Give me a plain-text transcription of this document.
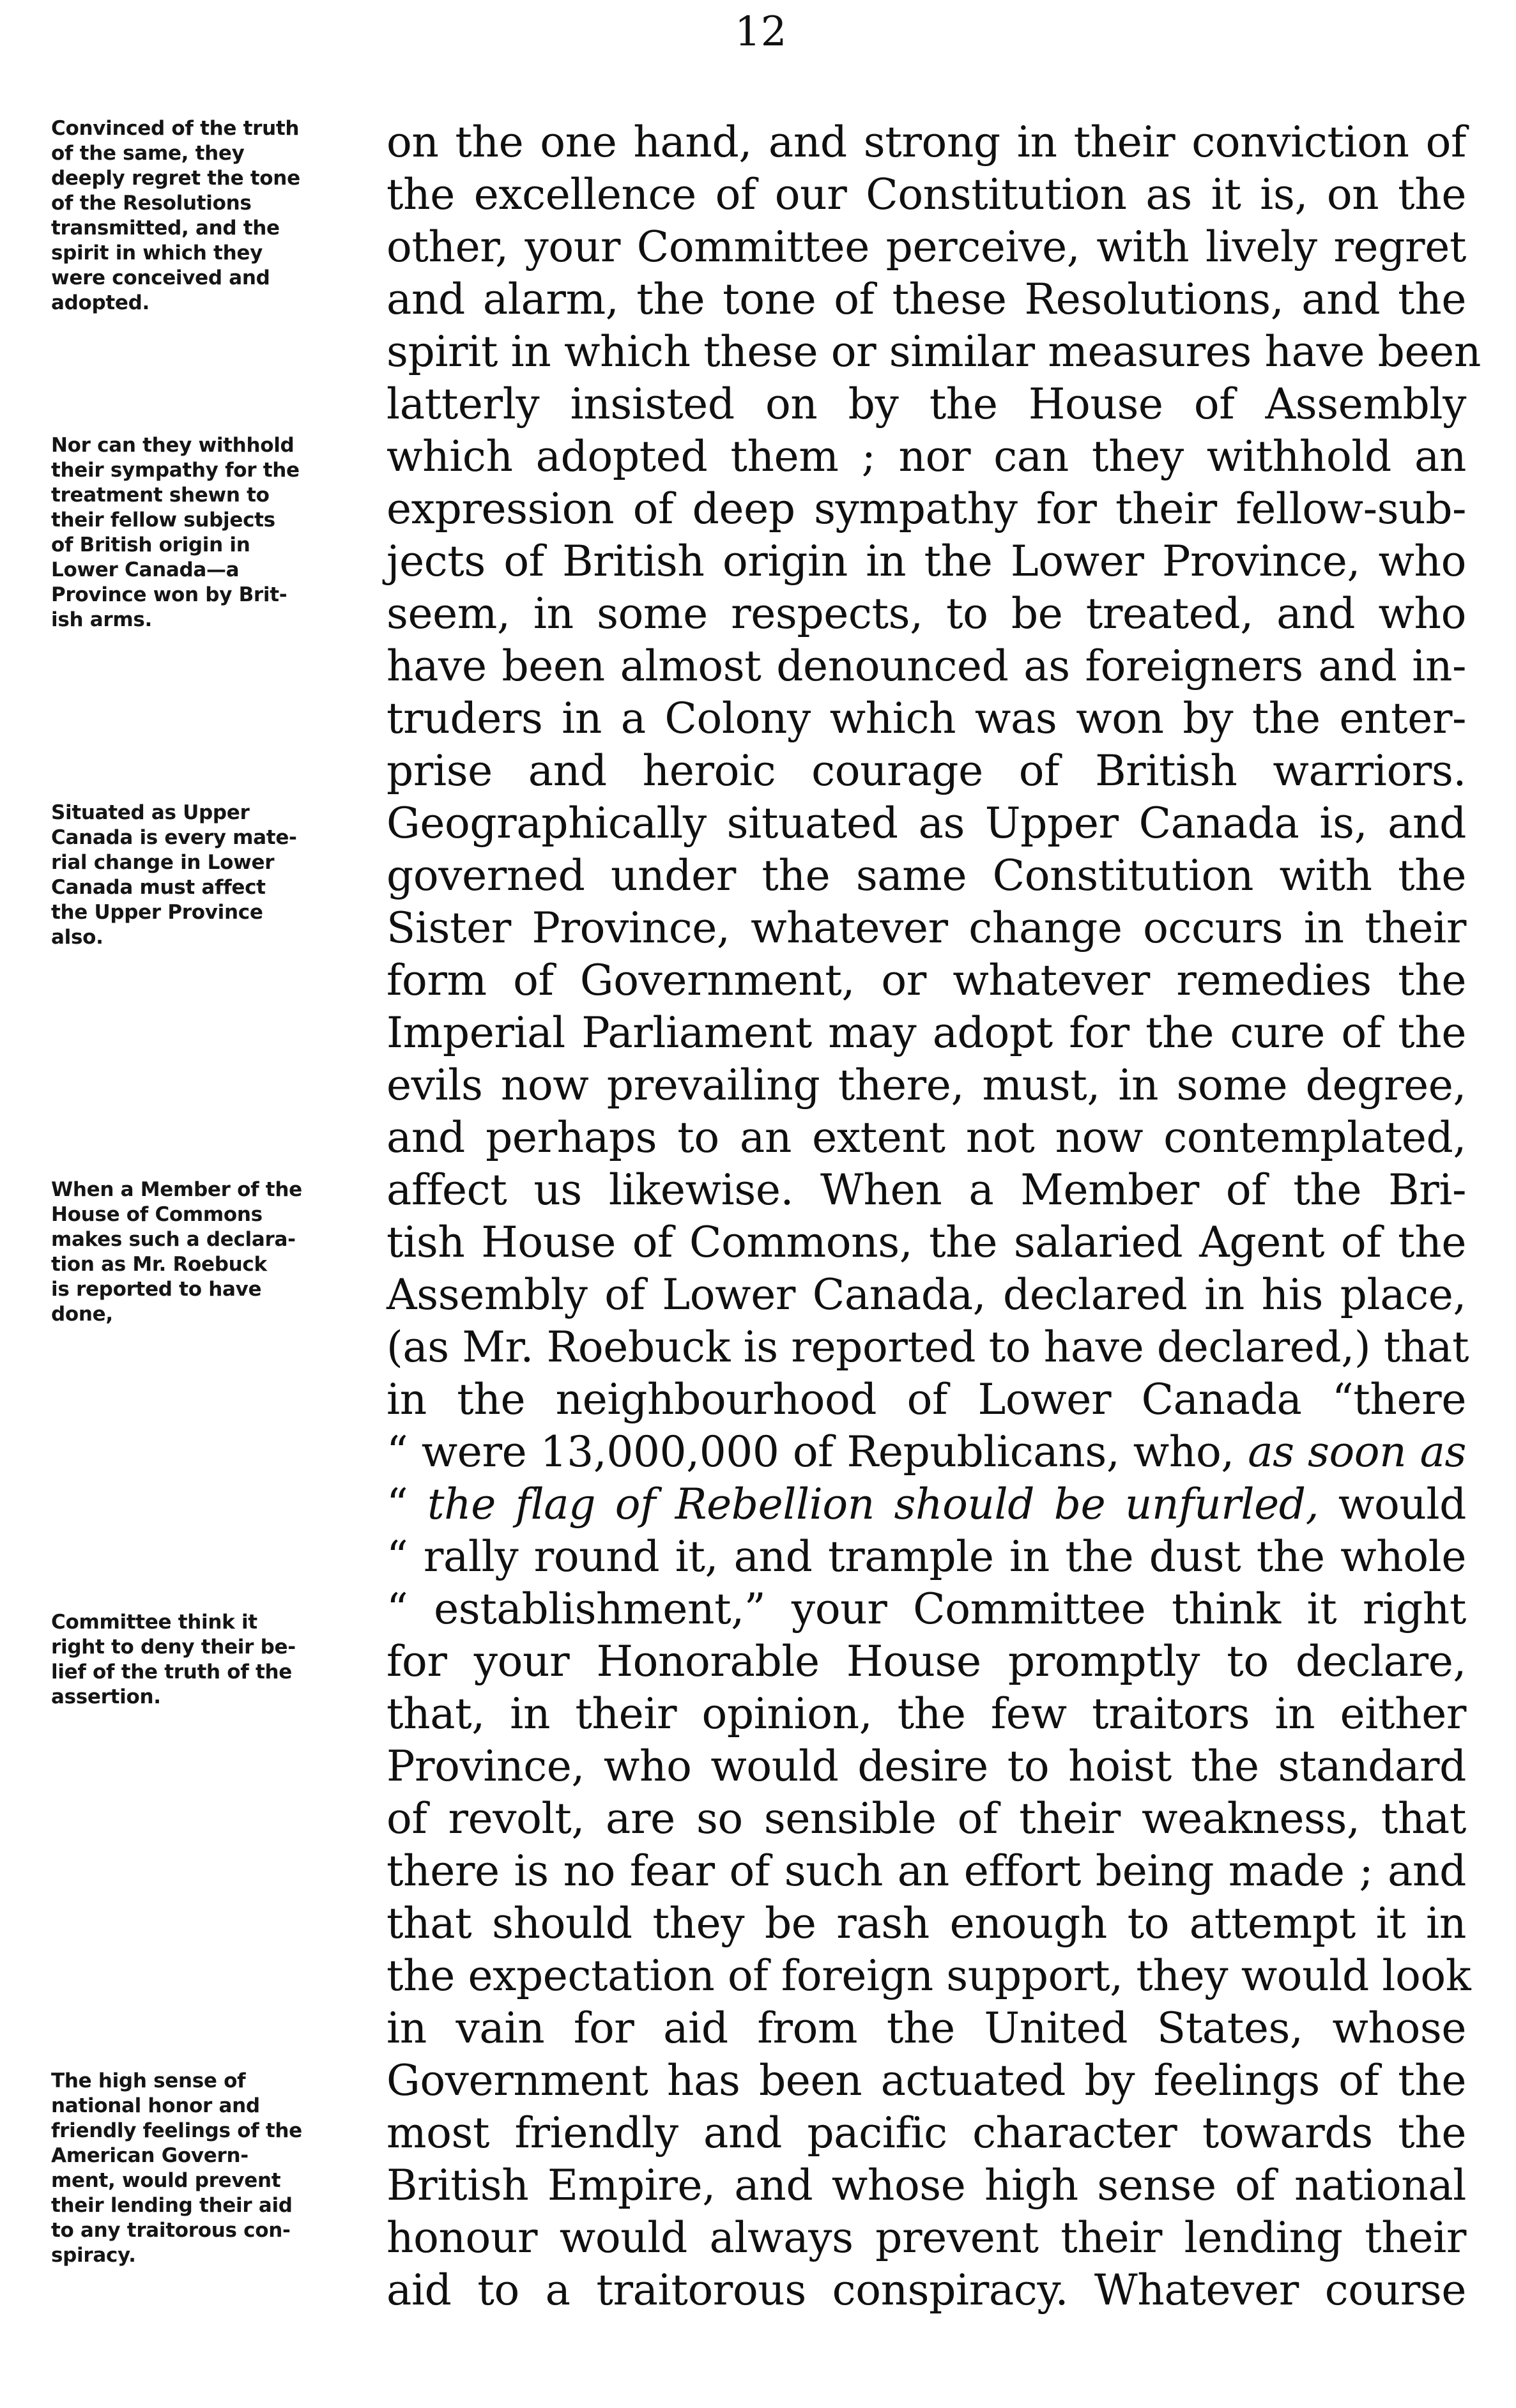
12
Convinced of the truth
of the same, they
deeply regret the tone
of the Resolutions
transmitted, and the
spirit in which they
were conceived and
adopted.
Nor can they withhold
their sympathy for the
treatment shewn to
their fellow subjects
of British origin in
Lower Canada—a
Province won by Brit-
ish arms.
Situated as Upper
Canada is every mate-
rial change in Lower
Canada must affect
the Upper Province
also.
When a Member of the
House of Commons
makes such a declara-
tion as Mr. Roebuck
is reported to have
done,
Committee think it
right to deny their be-
lief of the truth of the
assertion.
The high sense of
national honor and
friendly feelings of the
American Govern-
ment, would prevent
their lending their aid
to any traitorous con-
spiracy.
on the one hand, and strong in their conviction of
the excellence of our Constitution as it is, on the
other, your Committee perceive, with lively regret
and alarm, the tone of these Resolutions, and the
spirit in which these or similar measures have been
latterly insisted on by the House of Assembly
which adopted them ; nor can they withhold an
expression of deep sympathy for their fellow-sub-
jects of British origin in the Lower Province, who
seem, in some respects, to be treated, and who
have been almost denounced as foreigners and in-
truders in a Colony which was won by the enter-
prise and heroic courage of British warriors.
Geographically situated as Upper Canada is, and
governed under the same Constitution with the
Sister Province, whatever change occurs in their
form of Government, or whatever remedies the
Imperial Parliament may adopt for the cure of the
evils now prevailing there, must, in some degree,
and perhaps to an extent not now contemplated,
affect us likewise. When a Member of the Bri-
tish House of Commons, the salaried Agent of the
Assembly of Lower Canada, declared in his place,
(as Mr. Roebuck is reported to have declared,) that
in the neighbourhood of Lower Canada “there
“ were 13,000,000 of Republicans, who, as soon as
“ the flag of Rebellion should be unfurled, would
“ rally round it, and trample in the dust the whole
“ establishment,” your Committee think it right
for your Honorable House promptly to declare,
that, in their opinion, the few traitors in either
Province, who would desire to hoist the standard
of revolt, are so sensible of their weakness, that
there is no fear of such an effort being made ; and
that should they be rash enough to attempt it in
the expectation of foreign support, they would look
in vain for aid from the United States, whose
Government has been actuated by feelings of the
most friendly and pacific character towards the
British Empire, and whose high sense of national
honour would always prevent their lending their
aid to a traitorous conspiracy. Whatever course
